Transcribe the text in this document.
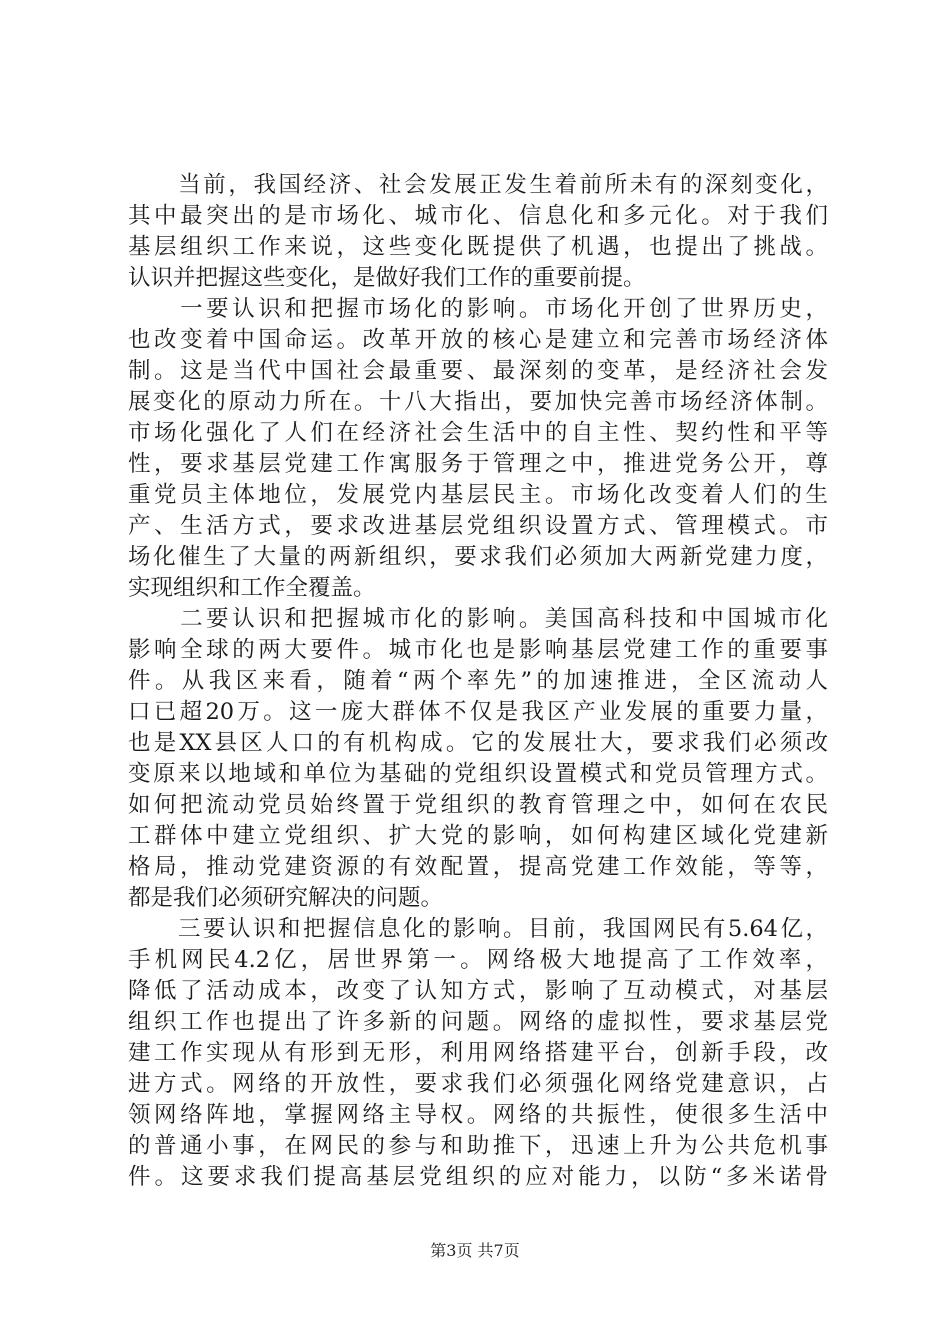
　　当前，我国经济、社会发展正发生着前所未有的深刻变化，
其中最突出的是市场化、城市化、信息化和多元化。对于我们
基层组织工作来说，这些变化既提供了机遇，也提出了挑战。
认识并把握这些变化，是做好我们工作的重要前提。
　　一要认识和把握市场化的影响。市场化开创了世界历史，
也改变着中国命运。改革开放的核心是建立和完善市场经济体
制。这是当代中国社会最重要、最深刻的变革，是经济社会发
展变化的原动力所在。十八大指出，要加快完善市场经济体制。
市场化强化了人们在经济社会生活中的自主性、契约性和平等
性，要求基层党建工作寓服务于管理之中，推进党务公开，尊
重党员主体地位，发展党内基层民主。市场化改变着人们的生
产、生活方式，要求改进基层党组织设置方式、管理模式。市
场化催生了大量的两新组织，要求我们必须加大两新党建力度，
实现组织和工作全覆盖。
　　二要认识和把握城市化的影响。美国高科技和中国城市化
影响全球的两大要件。城市化也是影响基层党建工作的重要事
件。从我区来看，随着“两个率先”的加速推进，全区流动人
口已超20万。这一庞大群体不仅是我区产业发展的重要力量，
也是XX县区人口的有机构成。它的发展壮大，要求我们必须改
变原来以地域和单位为基础的党组织设置模式和党员管理方式。
如何把流动党员始终置于党组织的教育管理之中，如何在农民
工群体中建立党组织、扩大党的影响，如何构建区域化党建新
格局，推动党建资源的有效配置，提高党建工作效能，等等，
都是我们必须研究解决的问题。
　　三要认识和把握信息化的影响。目前，我国网民有5.64亿，
手机网民4.2亿，居世界第一。网络极大地提高了工作效率，
降低了活动成本，改变了认知方式，影响了互动模式，对基层
组织工作也提出了许多新的问题。网络的虚拟性，要求基层党
建工作实现从有形到无形，利用网络搭建平台，创新手段，改
进方式。网络的开放性，要求我们必须强化网络党建意识，占
领网络阵地，掌握网络主导权。网络的共振性，使很多生活中
的普通小事，在网民的参与和助推下，迅速上升为公共危机事
件。这要求我们提高基层党组织的应对能力，以防“多米诺骨
第3页 共7页
